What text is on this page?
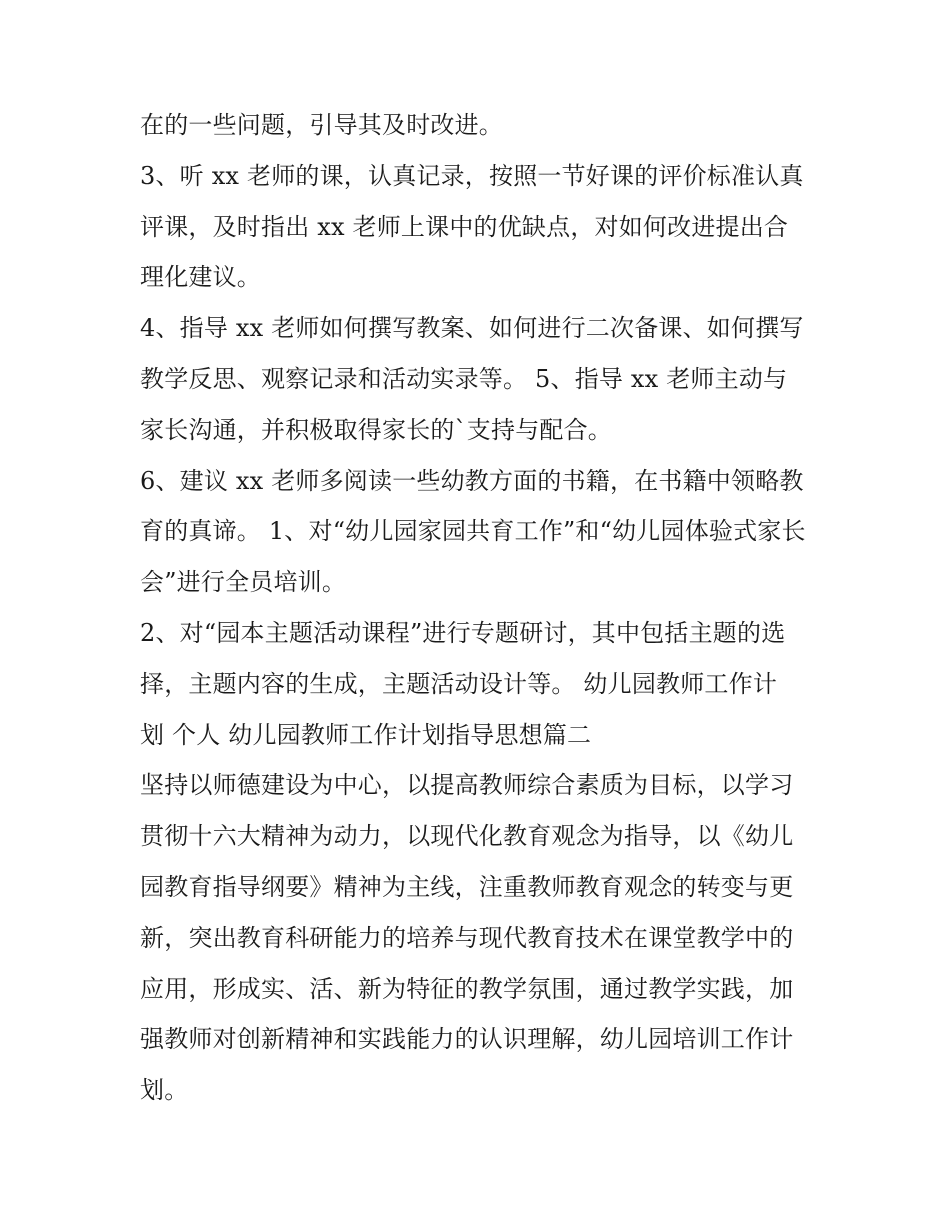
在的一些问题，引导其及时改进。
3、听 xx 老师的课，认真记录，按照一节好课的评价标准认真
评课，及时指出 xx 老师上课中的优缺点，对如何改进提出合
理化建议。
4、指导 xx 老师如何撰写教案、如何进行二次备课、如何撰写
教学反思、观察记录和活动实录等。 5、指导 xx 老师主动与
家长沟通，并积极取得家长的`支持与配合。
6、建议 xx 老师多阅读一些幼教方面的书籍，在书籍中领略教
育的真谛。 1、对“幼儿园家园共育工作”和“幼儿园体验式家长
会”进行全员培训。
2、对“园本主题活动课程”进行专题研讨，其中包括主题的选
择，主题内容的生成，主题活动设计等。 幼儿园教师工作计
划 个人 幼儿园教师工作计划指导思想篇二
坚持以师德建设为中心，以提高教师综合素质为目标，以学习
贯彻十六大精神为动力，以现代化教育观念为指导，以《幼儿
园教育指导纲要》精神为主线，注重教师教育观念的转变与更
新，突出教育科研能力的培养与现代教育技术在课堂教学中的
应用，形成实、活、新为特征的教学氛围，通过教学实践，加
强教师对创新精神和实践能力的认识理解，幼儿园培训工作计
划。
